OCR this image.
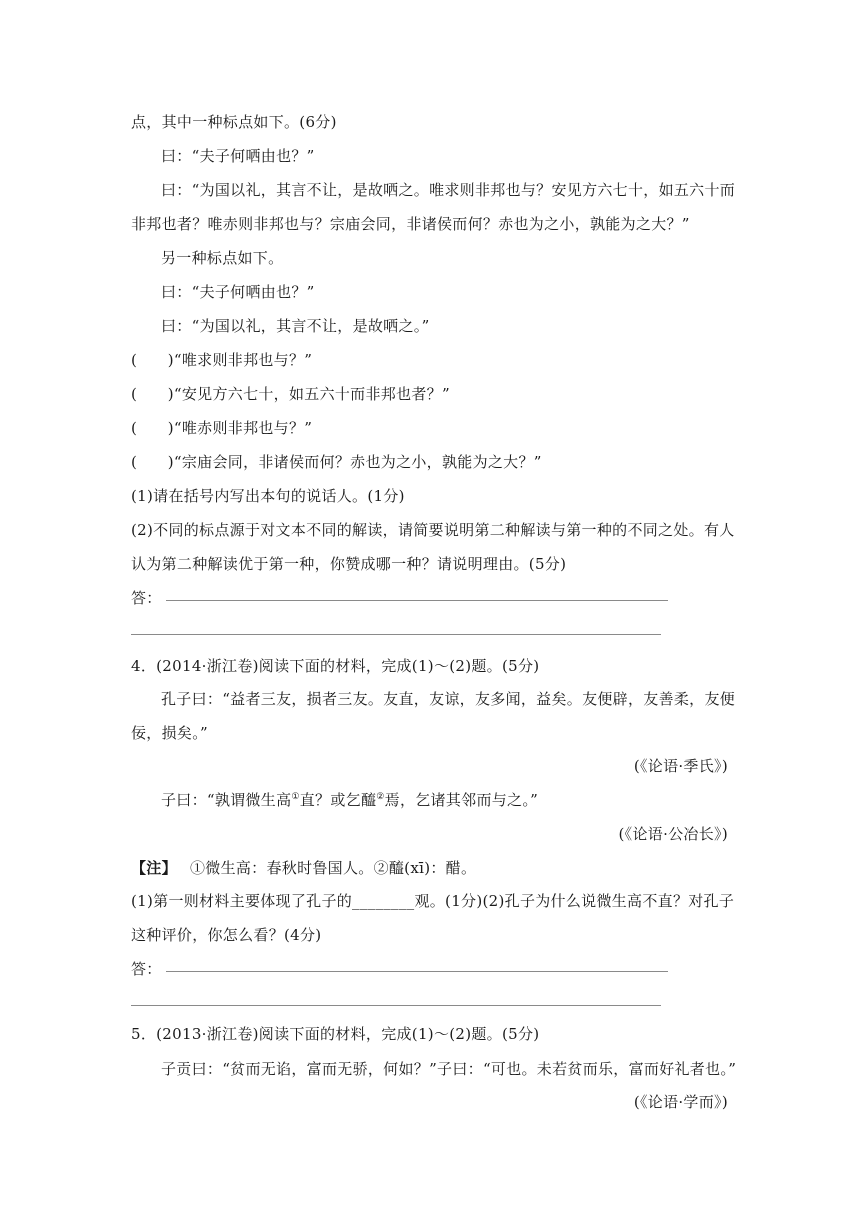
点，其中一种标点如下。(6分)
曰：“夫子何哂由也？”
曰：“为国以礼，其言不让，是故哂之。唯求则非邦也与？安见方六七十，如五六十而
非邦也者？唯赤则非邦也与？宗庙会同，非诸侯而何？赤也为之小，孰能为之大？”
另一种标点如下。
曰：“夫子何哂由也？”
曰：“为国以礼，其言不让，是故哂之。”
(　　)“唯求则非邦也与？”
(　　)“安见方六七十，如五六十而非邦也者？”
(　　)“唯赤则非邦也与？”
(　　)“宗庙会同，非诸侯而何？赤也为之小，孰能为之大？”
(1)请在括号内写出本句的说话人。(1分)
(2)不同的标点源于对文本不同的解读，请简要说明第二种解读与第一种的不同之处。有人
认为第二种解读优于第一种，你赞成哪一种？请说明理由。(5分)
答：
4．(2014·浙江卷)阅读下面的材料，完成(1)～(2)题。(5分)
孔子曰：“益者三友，损者三友。友直，友谅，友多闻，益矣。友便辟，友善柔，友便
佞，损矣。”
(《论语·季氏》)
子曰：“孰谓微生高①直？或乞醯②焉，乞诸其邻而与之。”
(《论语·公冶长》)
【注】 ①微生高：春秋时鲁国人。②醯(xī)：醋。
(1)第一则材料主要体现了孔子的________观。(1分)(2)孔子为什么说微生高不直？对孔子
这种评价，你怎么看？(4分)
答：
5．(2013·浙江卷)阅读下面的材料，完成(1)～(2)题。(5分)
子贡曰：“贫而无谄，富而无骄，何如？”子曰：“可也。未若贫而乐，富而好礼者也。”
(《论语·学而》)
